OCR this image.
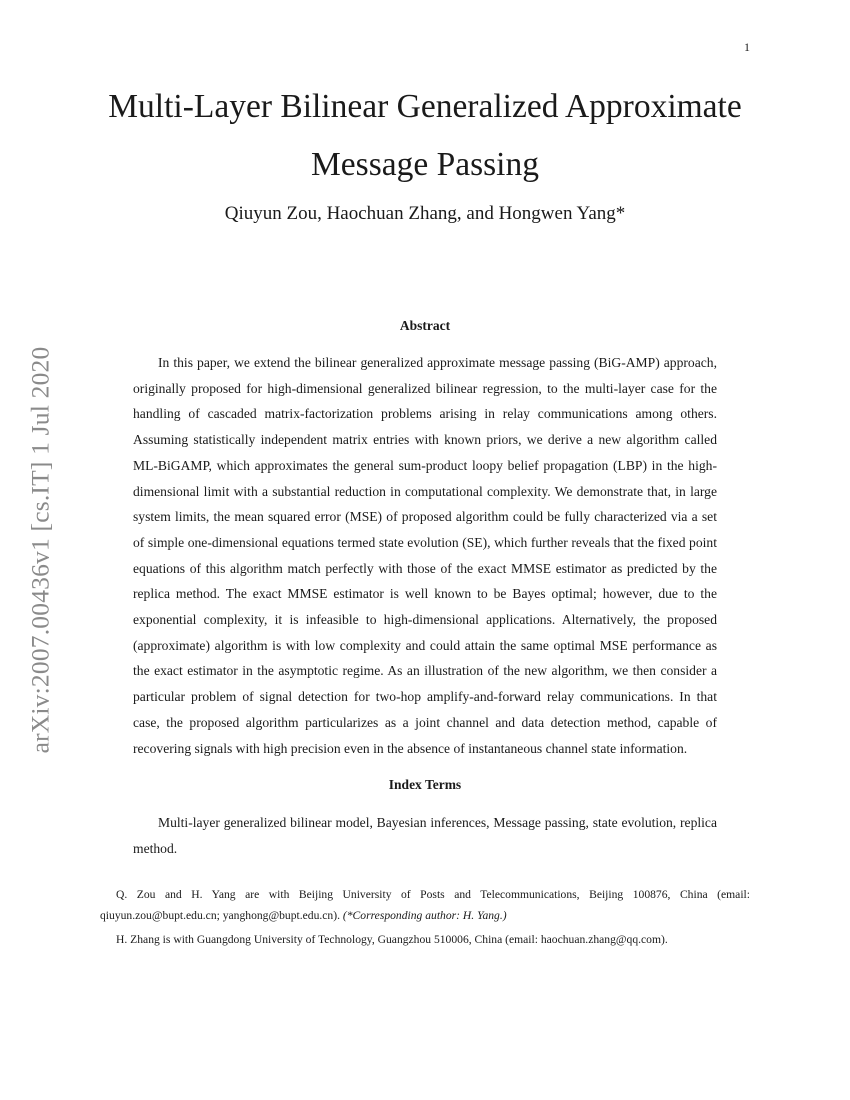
1
arXiv:2007.00436v1 [cs.IT] 1 Jul 2020
Multi-Layer Bilinear Generalized Approximate
Message Passing
Qiuyun Zou, Haochuan Zhang, and Hongwen Yang*
Abstract

In this paper, we extend the bilinear generalized approximate message passing (BiG-AMP) approach, originally proposed for high-dimensional generalized bilinear regression, to the multi-layer case for the handling of cascaded matrix-factorization problems arising in relay communications among others. Assuming statistically independent matrix entries with known priors, we derive a new algorithm called ML-BiGAMP, which approximates the general sum-product loopy belief propagation (LBP) in the high-dimensional limit with a substantial reduction in computational complexity. We demonstrate that, in large system limits, the mean squared error (MSE) of proposed algorithm could be fully characterized via a set of simple one-dimensional equations termed state evolution (SE), which further reveals that the fixed point equations of this algorithm match perfectly with those of the exact MMSE estimator as predicted by the replica method. The exact MMSE estimator is well known to be Bayes optimal; however, due to the exponential complexity, it is infeasible to high-dimensional applications. Alternatively, the proposed (approximate) algorithm is with low complexity and could attain the same optimal MSE performance as the exact estimator in the asymptotic regime. As an illustration of the new algorithm, we then consider a particular problem of signal detection for two-hop amplify-and-forward relay communications. In that case, the proposed algorithm particularizes as a joint channel and data detection method, capable of recovering signals with high precision even in the absence of instantaneous channel state information.

Index Terms

Multi-layer generalized bilinear model, Bayesian inferences, Message passing, state evolution, replica method.

Q. Zou and H. Yang are with Beijing University of Posts and Telecommunications, Beijing 100876, China (email: qiuyun.zou@bupt.edu.cn; yanghong@bupt.edu.cn). (*Corresponding author: H. Yang.)

H. Zhang is with Guangdong University of Technology, Guangzhou 510006, China (email: haochuan.zhang@qq.com).
